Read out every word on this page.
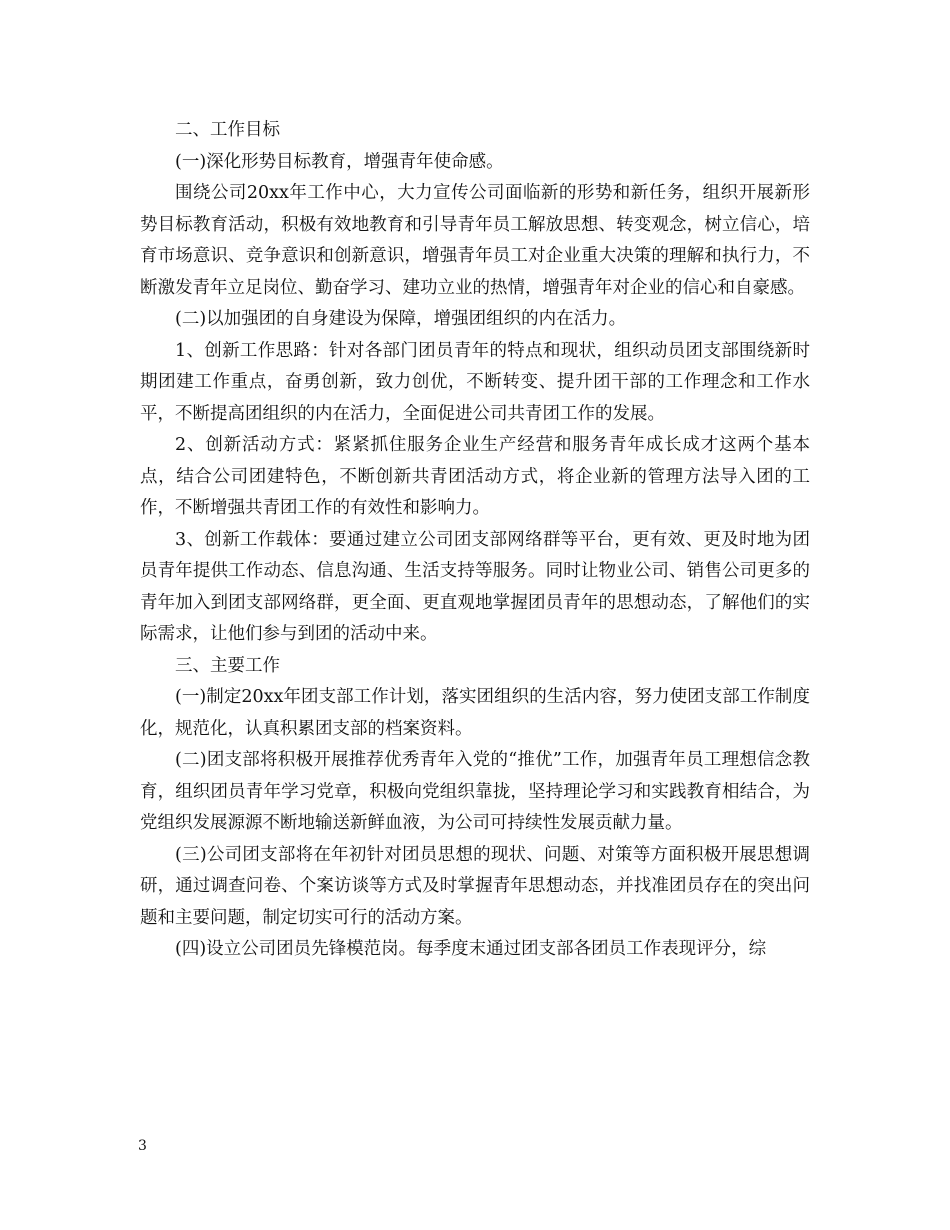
二、工作目标

(一)深化形势目标教育，增强青年使命感。

围绕公司20xx年工作中心，大力宣传公司面临新的形势和新任务，组织开展新形势目标教育活动，积极有效地教育和引导青年员工解放思想、转变观念，树立信心，培育市场意识、竞争意识和创新意识，增强青年员工对企业重大决策的理解和执行力，不断激发青年立足岗位、勤奋学习、建功立业的热情，增强青年对企业的信心和自豪感。

(二)以加强团的自身建设为保障，增强团组织的内在活力。

1、创新工作思路：针对各部门团员青年的特点和现状，组织动员团支部围绕新时期团建工作重点，奋勇创新，致力创优，不断转变、提升团干部的工作理念和工作水平，不断提高团组织的内在活力，全面促进公司共青团工作的发展。

2、创新活动方式：紧紧抓住服务企业生产经营和服务青年成长成才这两个基本点，结合公司团建特色，不断创新共青团活动方式，将企业新的管理方法导入团的工作，不断增强共青团工作的有效性和影响力。

3、创新工作载体：要通过建立公司团支部网络群等平台，更有效、更及时地为团员青年提供工作动态、信息沟通、生活支持等服务。同时让物业公司、销售公司更多的青年加入到团支部网络群，更全面、更直观地掌握团员青年的思想动态，了解他们的实际需求，让他们参与到团的活动中来。

三、主要工作

(一)制定20xx年团支部工作计划，落实团组织的生活内容，努力使团支部工作制度化，规范化，认真积累团支部的档案资料。

(二)团支部将积极开展推荐优秀青年入党的“推优”工作，加强青年员工理想信念教育，组织团员青年学习党章，积极向党组织靠拢，坚持理论学习和实践教育相结合，为党组织发展源源不断地输送新鲜血液，为公司可持续性发展贡献力量。

(三)公司团支部将在年初针对团员思想的现状、问题、对策等方面积极开展思想调研，通过调查问卷、个案访谈等方式及时掌握青年思想动态，并找准团员存在的突出问题和主要问题，制定切实可行的活动方案。

(四)设立公司团员先锋模范岗。每季度末通过团支部各团员工作表现评分，综

3
